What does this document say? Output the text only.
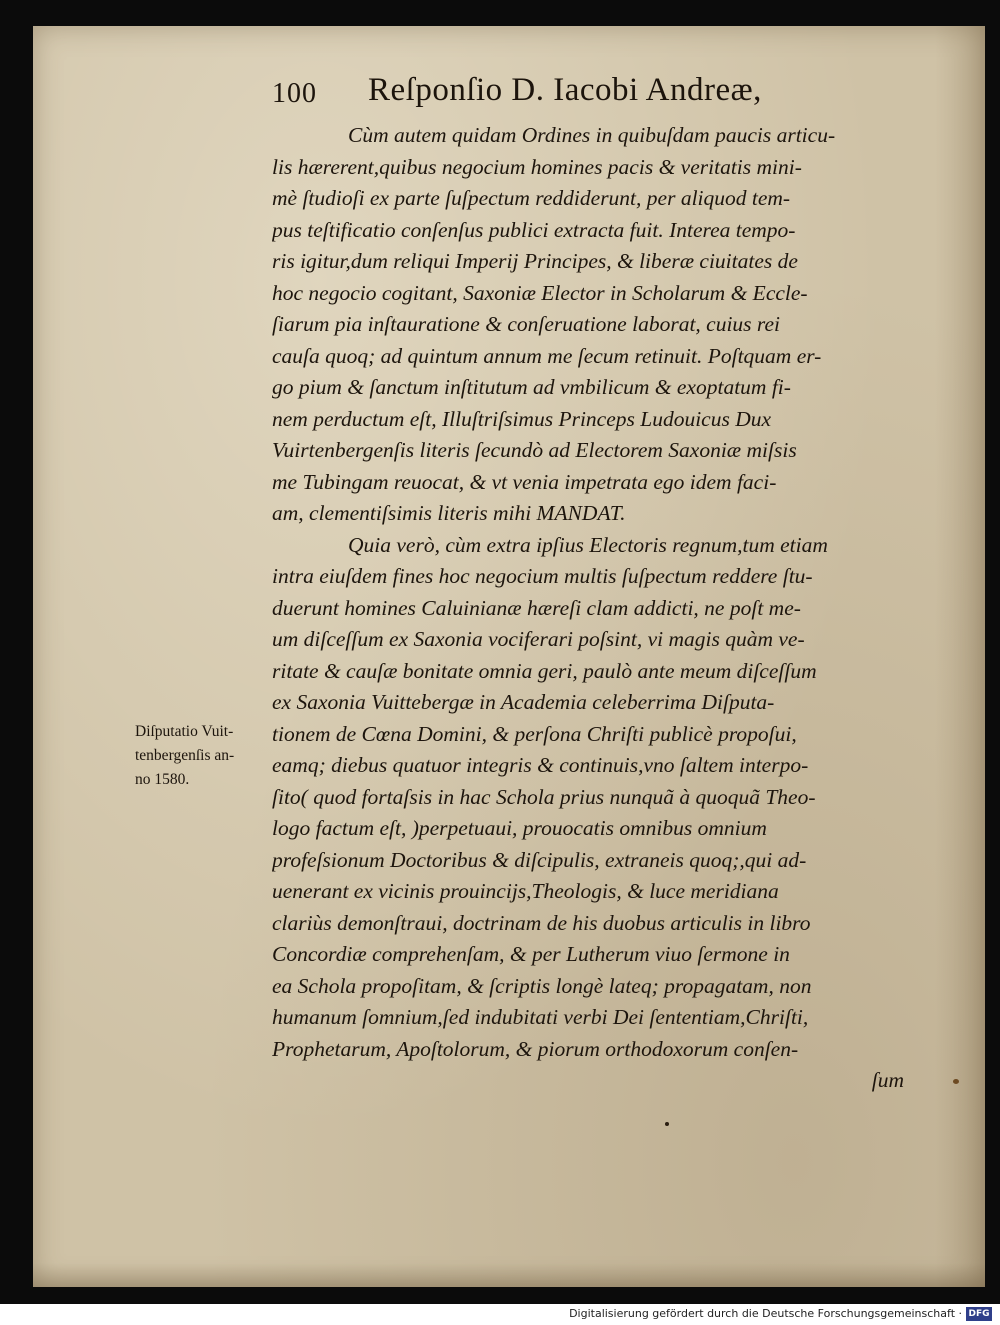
100 Reſponſio D. Iacobi Andreæ,
Cùm autem quidam Ordines in quibuſdam paucis articu-
lis hærerent,quibus negocium homines pacis & veritatis mini-
mè ſtudioſi ex parte ſuſpectum reddiderunt, per aliquod tem-
pus teſtificatio conſenſus publici extracta fuit. Interea tempo-
ris igitur,dum reliqui Imperij Principes, & liberæ ciuitates de
hoc negocio cogitant, Saxoniæ Elector in Scholarum & Eccle-
ſiarum pia inſtauratione & conſeruatione laborat, cuius rei
cauſa quoq; ad quintum annum me ſecum retinuit. Poſtquam er-
go pium & ſanctum inſtitutum ad vmbilicum & exoptatum fi-
nem perductum eſt, Illuſtriſsimus Princeps Ludouicus Dux
Vuirtenbergenſis literis ſecundò ad Electorem Saxoniæ miſsis
me Tubingam reuocat, & vt venia impetrata ego idem faci-
am, clementiſsimis literis mihi MANDAT.
Quia verò, cùm extra ipſius Electoris regnum,tum etiam
intra eiuſdem fines hoc negocium multis ſuſpectum reddere ſtu-
duerunt homines Caluinianæ hæreſi clam addicti, ne poſt me-
um diſceſſum ex Saxonia vociferari poſsint, vi magis quàm ve-
ritate & cauſæ bonitate omnia geri, paulò ante meum diſceſſum
ex Saxonia Vuittebergæ in Academia celeberrima Diſputa-
tionem de Cœna Domini, & perſona Chriſti publicè propoſui,
eamq; diebus quatuor integris & continuis,vno ſaltem interpo-
ſito( quod fortaſsis in hac Schola prius nunquã à quoquã Theo-
logo factum eſt, )perpetuaui, prouocatis omnibus omnium
profeſsionum Doctoribus & diſcipulis, extraneis quoq;,qui ad-
uenerant ex vicinis prouincijs,Theologis, & luce meridiana
clariùs demonſtraui, doctrinam de his duobus articulis in libro
Concordiæ comprehenſam, & per Lutherum viuo ſermone in
ea Schola propoſitam, & ſcriptis longè lateq; propagatam, non
humanum ſomnium,ſed indubitati verbi Dei ſententiam,Chriſti,
Prophetarum, Apoſtolorum, & piorum orthodoxorum conſen-
ſum
Diſputatio Vuit-
tenbergenſis an-
no 1580.
Digitalisierung gefördert durch die Deutsche Forschungsgemeinschaft · DFG
